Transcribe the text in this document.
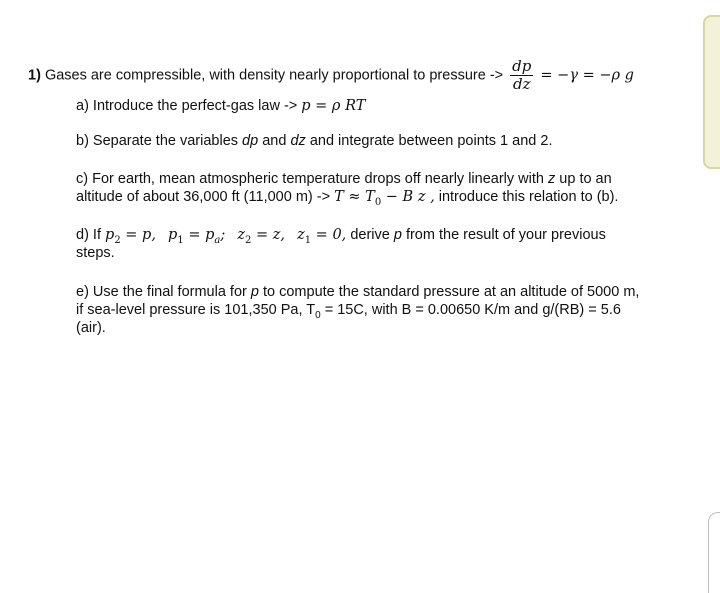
1) Gases are compressible, with density nearly proportional to pressure -> $\frac{dp}{dz} = -\gamma = -\rho$ g
a) Introduce the perfect-gas law -> p = ρ RT
b) Separate the variables dp and dz and integrate between points 1 and 2.
c) For earth, mean atmospheric temperature drops off nearly linearly with z up to an
altitude of about 36,000 ft (11,000 $m) -> T \approx T_0 - B$ z , introduce this relation to (b).
d) If $p_2 = p$, $p_1 = p_a$; $z_2 = z$, $z_1 = 0$, derive p from the result of your previous
steps.
e) Use the final formula for p to compute the standard pressure at an altitude of 5000 m,
if sea-level pressure is 101,350 Pa, $T_0 = 15C$, with B = 0.00650 K/m and g/(RB) = 5.6
(air).
